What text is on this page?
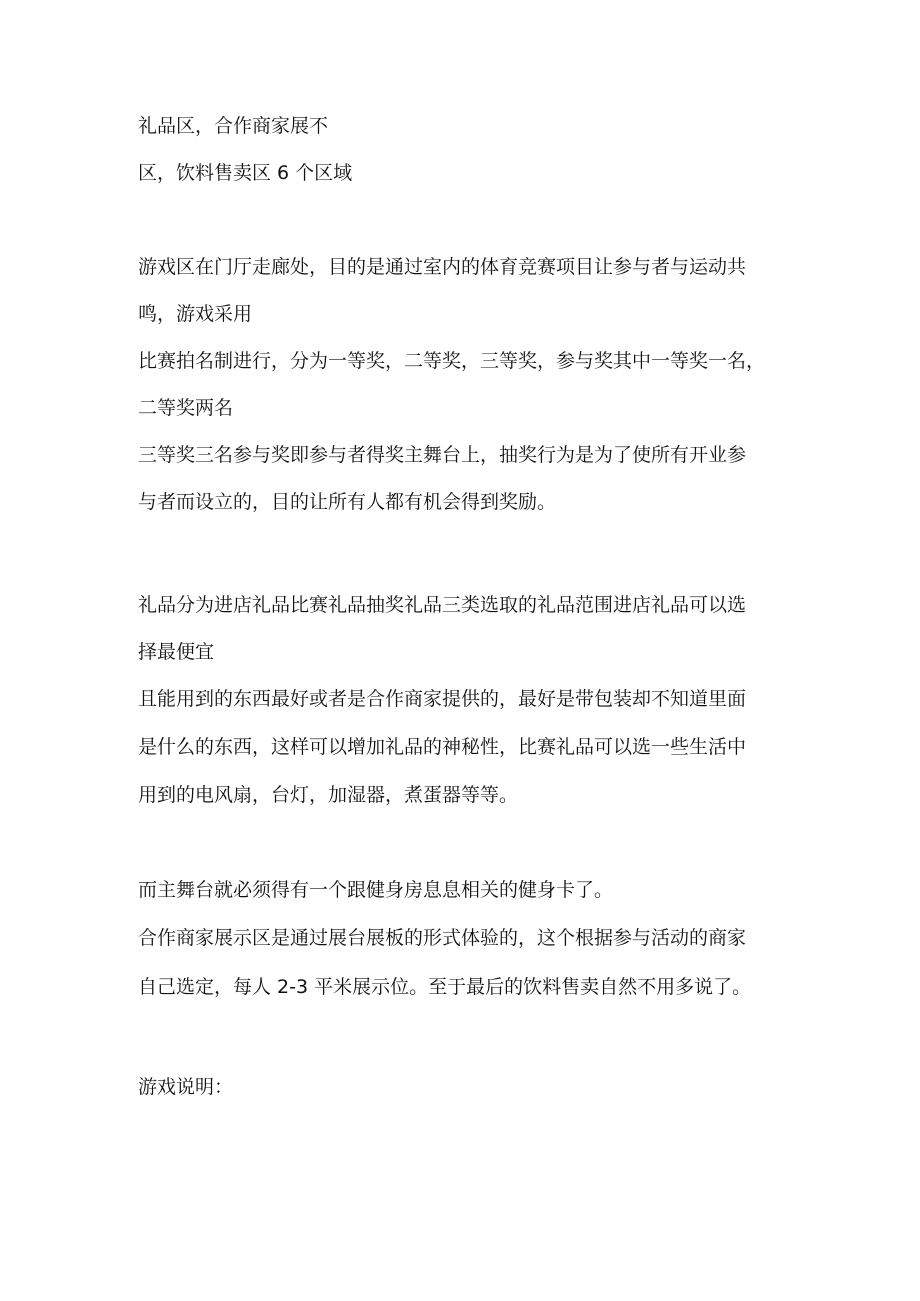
礼品区，合作商家展不
区，饮料售卖区 6 个区域
游戏区在门厅走廊处，目的是通过室内的体育竞赛项目让参与者与运动共
鸣，游戏采用
比赛拍名制进行，分为一等奖，二等奖，三等奖，参与奖其中一等奖一名，
二等奖两名
三等奖三名参与奖即参与者得奖主舞台上，抽奖行为是为了使所有开业参
与者而设立的，目的让所有人都有机会得到奖励。
礼品分为进店礼品比赛礼品抽奖礼品三类选取的礼品范围进店礼品可以选
择最便宜
且能用到的东西最好或者是合作商家提供的，最好是带包装却不知道里面
是什么的东西，这样可以增加礼品的神秘性，比赛礼品可以选一些生活中
用到的电风扇，台灯，加湿器，煮蛋器等等。
而主舞台就必须得有一个跟健身房息息相关的健身卡了。
合作商家展示区是通过展台展板的形式体验的，这个根据参与活动的商家
自己选定，每人 2-3 平米展示位。至于最后的饮料售卖自然不用多说了。
游戏说明：
